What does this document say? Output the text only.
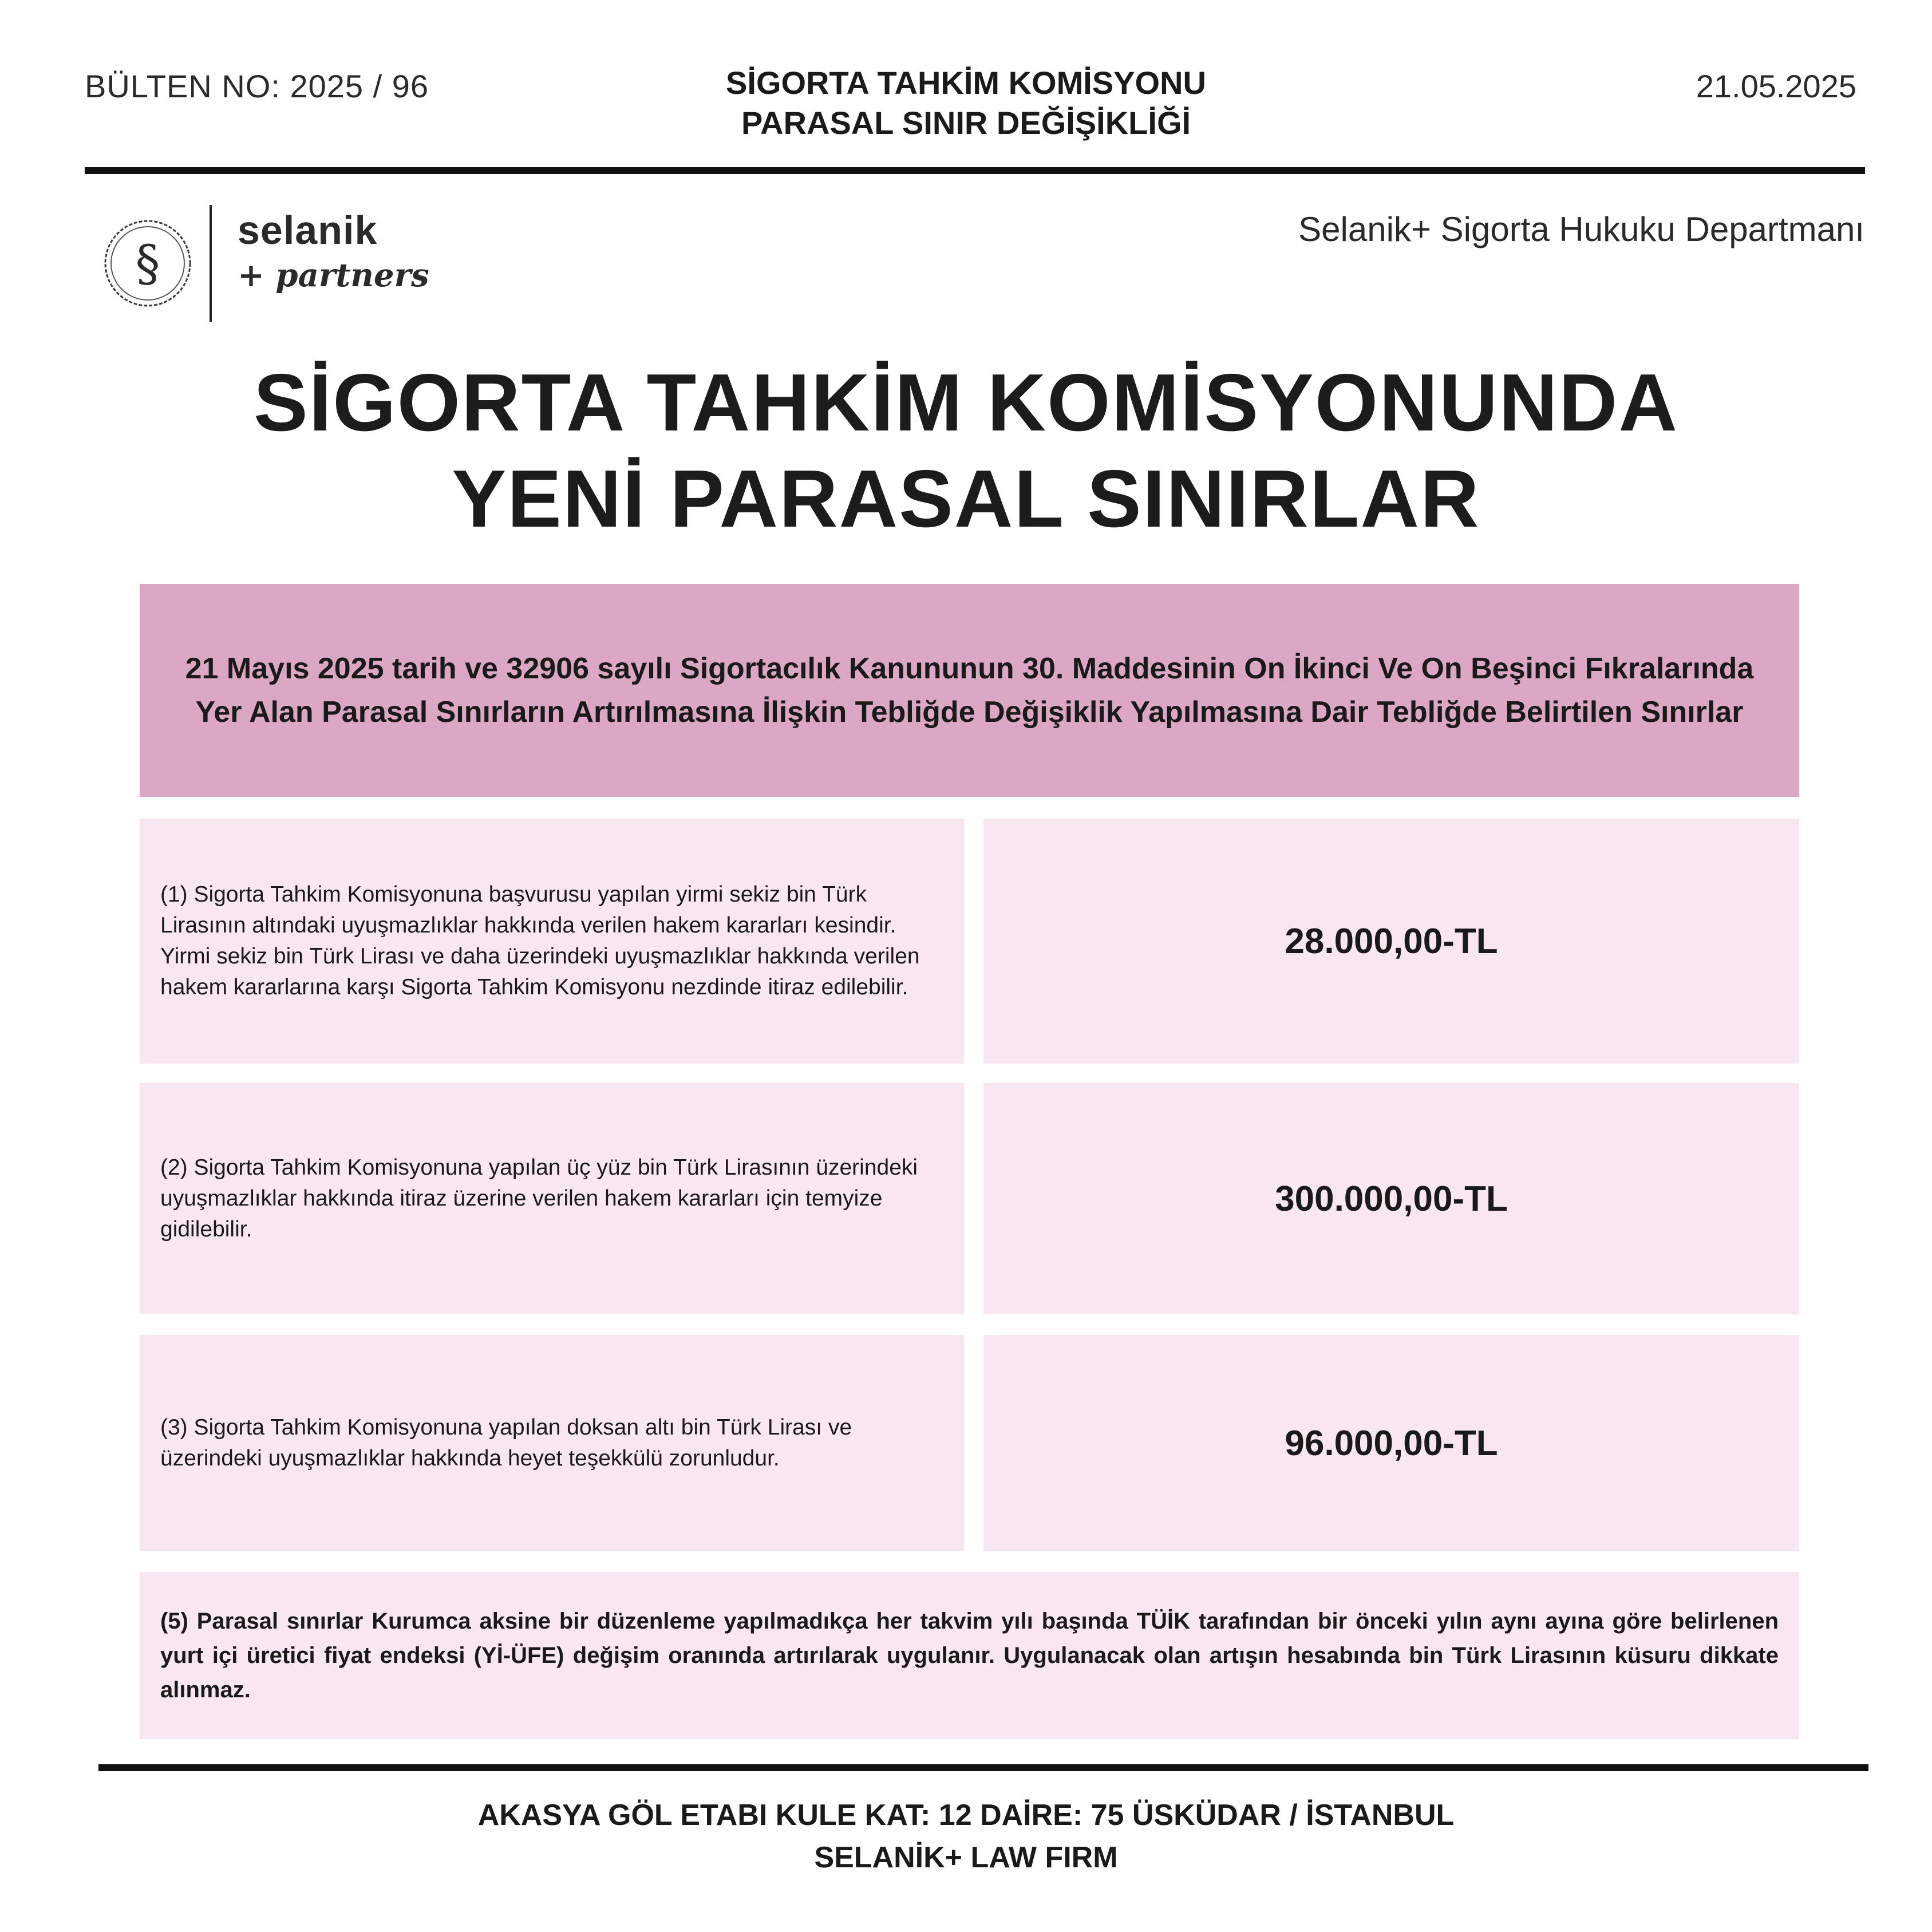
BÜLTEN NO: 2025 / 96	SİGORTA TAHKİM KOMİSYONU
PARASAL SINIR DEĞİŞİKLİĞİ
21.05.2025
§
selanik
+ partners
Selanik+ Sigorta Hukuku Departmanı
SİGORTA TAHKİM KOMİSYONUNDA
YENİ PARASAL SINIRLAR
21 Mayıs 2025 tarih ve 32906 sayılı Sigortacılık Kanununun 30. Maddesinin On İkinci Ve On Beşinci Fıkralarında Yer Alan Parasal Sınırların Artırılmasına İlişkin Tebliğde Değişiklik Yapılmasına Dair Tebliğde Belirtilen Sınırlar
(1) Sigorta Tahkim Komisyonuna başvurusu yapılan yirmi sekiz bin Türk Lirasının altındaki uyuşmazlıklar hakkında verilen hakem kararları kesindir. Yirmi sekiz bin Türk Lirası ve daha üzerindeki uyuşmazlıklar hakkında verilen hakem kararlarına karşı Sigorta Tahkim Komisyonu nezdinde itiraz edilebilir.
28.000,00-TL
(2) Sigorta Tahkim Komisyonuna yapılan üç yüz bin Türk Lirasının üzerindeki uyuşmazlıklar hakkında itiraz üzerine verilen hakem kararları için temyize gidilebilir.
300.000,00-TL
(3) Sigorta Tahkim Komisyonuna yapılan doksan altı bin Türk Lirası ve üzerindeki uyuşmazlıklar hakkında heyet teşekkülü zorunludur.	96.000,00-TL
(5) Parasal sınırlar Kurumca aksine bir düzenleme yapılmadıkça her takvim yılı başında TÜİK tarafından bir önceki yılın aynı ayına göre belirlenen yurt içi üretici fiyat endeksi (Yİ-ÜFE) değişim oranında artırılarak uygulanır. Uygulanacak olan artışın hesabında bin Türk Lirasının küsuru dikkate alınmaz.
AKASYA GÖL ETABI KULE KAT: 12 DAİRE: 75 ÜSKÜDAR / İSTANBUL
SELANİK+ LAW FIRM
